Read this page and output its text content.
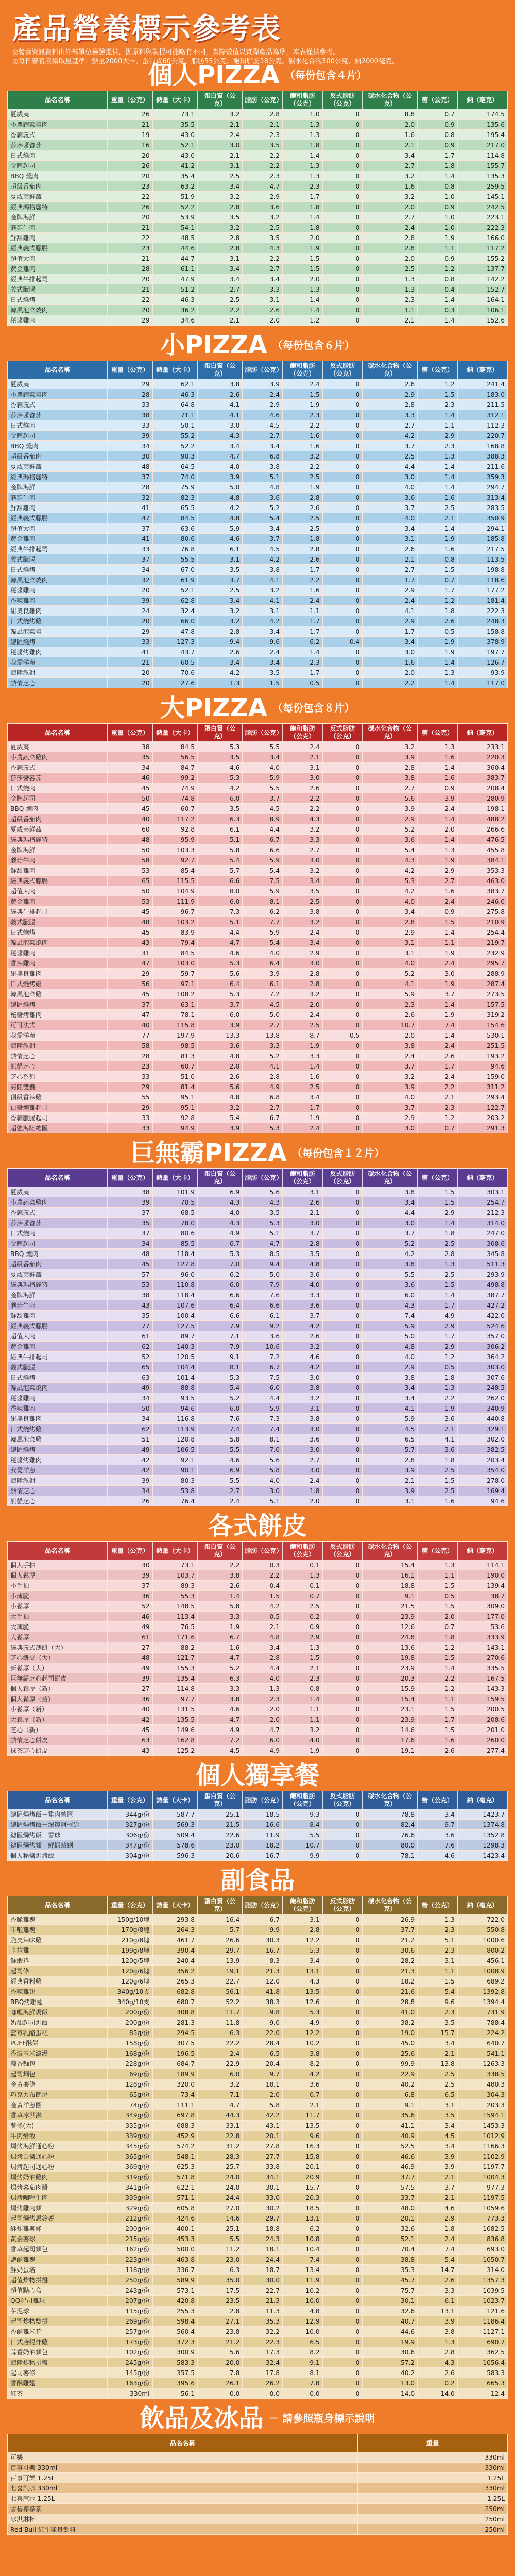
產品營養標示參考表
◎營養資訊資料由外部單位檢驗提供，因原料與製程可能略有不同，實際數值以實際產品為準，本表僅供參考。
◎每日營養素攝取量基準：熱量2000大卡、蛋白質60公克、脂肪55公克、飽和脂肪18公克、碳水化合物300公克、鈉2000毫克。
個人PIZZA （每份包含４片）
品名名稱	重量（公克）	熱量（大卡）	蛋白質（公克）	脂肪（公克）	飽和脂肪（公克）	反式脂肪（公克）	碳水化合物（公克）	糖（公克）	鈉（毫克）
夏威夷	26	73.1	3.2	2.8	1.0	0	8.8	0.7	174.5
小農蔬菜雞肉	21	35.5	2.1	2.1	1.3	0	2.0	0.9	135.6
香蒜義式	19	43.0	2.4	2.3	1.3	0	1.6	0.8	195.4
莎莎醬蕃茄	16	52.1	3.0	3.5	1.8	0	2.1	0.9	217.0
日式燒肉	20	43.0	2.1	2.2	1.4	0	3.4	1.7	114.8
金牌起司	26	41.2	3.1	2.2	1.3	0	2.7	1.8	155.7
BBQ 燻肉	20	35.4	2.5	2.3	1.3	0	3.2	1.4	135.3
超級番茄肉	23	63.2	3.4	4.7	2.3	0	1.6	0.8	259.5
夏威夷鮮蔬	22	51.9	3.2	2.9	1.7	0	3.2	1.0	145.1
經典瑪格麗特	26	52.2	2.8	3.6	1.8	0	2.0	0.9	242.5
金牌海鮮	20	53.9	3.5	3.2	1.4	0	2.7	1.0	223.1
蘑菇牛肉	21	54.1	3.2	2.5	1.8	0	2.4	1.0	222.3
鮮甜雞肉	22	48.5	2.8	3.5	2.0	0	2.8	1.9	166.0
經典義式臘腸	23	44.6	2.8	4.3	1.9	0	2.8	1.1	117.2
超值大肉	21	44.7	3.1	2.2	1.5	0	2.0	0.9	155.2
黃金雞肉	28	61.1	3.4	2.7	1.5	0	2.5	1.2	137.7
經典牛排起司	20	47.9	3.4	3.4	2.0	0	1.3	0.8	142.2
義式臘腸	21	51.2	2.7	3.3	1.3	0	1.3	0.4	152.7
日式燒烤	22	46.3	2.5	3.1	1.4	0	2.3	1.4	164.1
韓風泡菜燒肉	20	36.2	2.2	2.6	1.4	0	1.1	0.3	106.1
秘醬雞肉	29	34.6	2.1	2.0	1.2	0	2.1	1.4	152.6
小PIZZA （每份包含６片）
品名名稱	重量（公克）	熱量（大卡）	蛋白質（公克）	脂肪（公克）	飽和脂肪（公克）	反式脂肪（公克）	碳水化合物（公克）	糖（公克）	鈉（毫克）
夏威夷	29	62.1	3.8	3.9	2.4	0	2.6	1.2	241.4
小農蔬菜雞肉	28	46.3	2.6	2.4	1.5	0	2.9	1.5	183.0
香蒜義式	33	64.8	4.1	2.9	1.9	0	2.8	2.3	211.5
莎莎醬蕃茄	38	71.1	4.1	4.6	2.3	0	3.3	1.4	312.1
日式燒肉	33	50.1	3.0	4.5	2.2	0	2.7	1.1	112.3
金牌起司	39	55.2	4.3	2.7	1.6	0	4.2	2.9	220.7
BBQ 燻肉	34	52.2	3.4	3.4	1.6	0	3.7	2.3	168.8
超級番茄肉	30	90.3	4.7	6.8	3.2	0	2.5	1.3	388.3
夏威夷鮮蔬	48	64.5	4.0	3.8	2.2	0	4.4	1.4	211.6
經典瑪格麗特	37	74.0	3.9	5.1	2.5	0	3.0	1.4	359.3
金牌海鮮	28	75.9	5.0	4.8	1.9	0	4.0	1.4	294.7
蘑菇牛肉	32	82.3	4.8	3.6	2.8	0	3.6	1.6	313.4
鮮甜雞肉	41	65.5	4.2	5.2	2.6	0	3.7	2.5	283.5
經典義式臘腸	47	84.5	4.8	5.4	2.5	0	4.0	2.1	350.9
超值大肉	37	63.6	5.9	3.4	2.5	0	3.4	1.4	294.1
黃金雞肉	41	80.6	4.6	3.7	1.8	0	3.1	1.9	185.8
經典牛排起司	33	76.8	6.1	4.5	2.8	0	2.6	1.6	217.5
義式臘腸	37	55.5	3.1	4.2	2.6	0	2.1	0.8	113.5
日式燒烤	34	67.0	3.5	3.8	1.7	0	2.7	1.5	198.8
韓風泡菜燒肉	32	61.9	3.7	4.1	2.2	0	1.7	0.7	118.6
秘醬雞肉	20	52.1	2.5	3.2	1.6	0	2.9	1.7	177.2
香辣雞肉	39	62.8	3.4	4.1	2.4	0	2.4	1.2	181.4
紐奧良雞肉	24	32.4	3.2	3.1	1.1	0	4.1	1.8	222.3
日式燒烤雞	20	66.0	3.2	4.2	1.7	0	2.9	2.6	248.3
韓風泡菜雞	29	47.8	2.8	3.4	1.7	0	1.7	0.5	158.8
總匯燒烤	33	127.3	9.4	9.6	6.2	0.4	3.4	1.9	378.9
秘醬烤雞肉	41	43.7	2.6	2.4	1.4	0	3.0	1.9	197.7
我愛洋蔥	21	60.5	3.4	3.4	2.3	0	1.6	1.4	126.7
海陸派對	20	70.6	4.2	3.5	1.7	0	2.0	1.3	93.9
熱情芝心	20	27.6	1.3	1.5	0.5	0	2.2	1.4	117.0
大PIZZA （每份包含８片）
品名名稱	重量（公克）	熱量（大卡）	蛋白質（公克）	脂肪（公克）	飽和脂肪（公克）	反式脂肪（公克）	碳水化合物（公克）	糖（公克）	鈉（毫克）
夏威夷	38	84.5	5.3	5.5	2.4	0	3.2	1.3	233.1
小農蔬菜雞肉	35	56.5	3.5	3.4	2.1	0	3.9	1.6	220.3
香蒜義式	34	84.7	4.6	4.0	3.1	0	2.8	1.4	360.4
莎莎醬蕃茄	46	99.2	5.3	5.9	3.0	0	3.8	1.6	383.7
日式燒肉	45	74.9	4.2	5.5	2.6	0	2.7	0.9	208.4
金牌起司	50	74.8	6.0	3.7	2.2	0	5.6	3.9	280.9
BBQ 燻肉	45	60.7	3.5	4.5	2.2	0	3.9	2.4	198.1
超級番茄肉	40	117.2	6.3	8.9	4.3	0	2.9	1.4	488.2
夏威夷鮮蔬	60	92.8	6.1	4.4	3.2	0	5.2	2.0	266.6
經典瑪格麗特	48	95.9	5.1	6.7	3.3	0	3.6	1.4	476.5
金牌海鮮	50	103.3	5.8	6.6	2.7	0	5.4	1.3	455.8
蘑菇牛肉	58	92.7	5.4	5.9	3.0	0	4.3	1.9	384.1
鮮甜雞肉	53	85.4	5.7	5.4	3.2	0	4.2	2.9	353.3
經典義式臘腸	65	115.5	6.6	7.5	3.4	0	5.3	2.7	463.0
超值大肉	50	104.9	8.0	5.9	3.5	0	4.2	1.6	383.7
黃金雞肉	53	111.9	6.0	8.1	2.5	0	4.0	2.4	246.0
經典牛排起司	45	96.7	7.3	6.2	3.8	0	3.4	0.9	275.8
義式臘腸	48	103.2	5.1	7.7	3.2	0	2.8	1.5	210.9
日式燒烤	45	83.9	4.4	5.9	2.4	0	2.9	1.4	254.4
韓風泡菜燒肉	43	79.4	4.7	5.4	3.4	0	3.1	1.1	219.7
秘醬雞肉	31	84.5	4.6	4.0	2.9	0	3.1	1.9	232.9
香辣雞肉	47	103.0	5.3	6.4	3.0	0	4.0	2.4	295.7
紐奧良雞肉	29	59.7	5.6	3.9	2.8	0	5.2	3.0	288.9
日式燒烤雞	56	97.1	6.4	6.1	2.8	0	4.1	1.9	287.4
韓風泡菜雞	45	108.2	5.3	7.2	3.2	0	5.9	3.7	273.5
總匯燒烤	37	63.1	3.7	4.5	2.0	0	2.3	1.4	157.5
秘醬烤雞肉	47	78.1	6.0	5.0	2.4	0	2.6	1.9	319.2
可可法式	40	115.8	3.9	2.7	2.5	0	10.7	7.4	154.6
我愛洋蔥	77	197.9	13.3	13.8	8.7	0.5	2.0	1.4	530.1
海陸派對	58	98.5	3.6	3.3	1.9	0	3.8	2.4	251.5
熱情芝心	28	81.3	4.8	5.2	3.3	0	2.4	2.6	193.2
熊貓芝心	23	60.7	2.0	4.1	1.4	0	3.7	1.7	94.6
芝心系列	33	51.0	2.6	2.8	1.6	0	3.2	2.4	159.0
海陸雙饗	29	81.4	5.6	4.9	2.5	0	3.9	2.2	311.2
頂級香辣雞	55	95.1	4.8	6.8	3.4	0	4.0	2.1	293.4
白醬燻雞起司	29	95.1	3.2	2.7	1.7	0	3.7	2.3	122.7
香蒜臘腸起司	33	92.8	5.4	6.7	1.9	0	2.9	1.2	203.2
超強海陸總匯	33	94.9	3.9	5.3	2.4	0	3.0	0.7	291.3
巨無霸PIZZA （每份包含１２片）
品名名稱	重量（公克）	熱量（大卡）	蛋白質（公克）	脂肪（公克）	飽和脂肪（公克）	反式脂肪（公克）	碳水化合物（公克）	糖（公克）	鈉（毫克）
夏威夷	38	101.9	6.9	5.6	3.1	0	3.8	1.5	303.1
小農蔬菜雞肉	39	70.5	4.3	4.3	2.6	0	3.4	1.5	254.7
香蒜義式	37	68.5	4.0	3.5	2.1	0	4.4	2.9	212.3
莎莎醬蕃茄	35	78.0	4.3	5.3	3.0	0	3.0	1.4	314.0
日式燒肉	37	80.6	4.9	5.1	3.7	0	3.7	1.8	247.0
金牌起司	34	85.5	6.7	4.7	2.8	0	5.2	2.5	308.6
BBQ 燻肉	48	118.4	5.3	8.5	3.5	0	4.2	2.8	345.8
超級番茄肉	45	127.8	7.0	9.4	4.8	0	3.8	1.3	511.3
夏威夷鮮蔬	57	96.0	6.2	5.0	3.6	0	5.5	2.5	293.9
經典瑪格麗特	53	110.8	6.0	7.9	4.0	0	3.6	1.5	498.8
金牌海鮮	38	118.4	6.6	7.6	3.3	0	6.0	1.4	387.7
蘑菇牛肉	43	107.6	6.4	6.6	3.6	0	4.3	1.7	427.2
鮮甜雞肉	35	100.4	6.6	6.1	3.7	0	7.4	4.9	422.0
經典義式臘腸	77	127.5	7.9	9.2	4.2	0	5.9	2.9	524.6
超值大肉	61	89.7	7.1	3.6	2.6	0	5.0	1.7	357.0
黃金雞肉	62	140.3	7.9	10.6	3.2	0	4.8	2.9	306.2
經典牛排起司	52	120.5	9.1	7.2	4.6	0	4.0	1.2	364.2
義式臘腸	65	104.4	8.1	6.7	4.2	0	2.9	0.5	303.0
日式燒烤	63	101.4	5.3	7.5	3.0	0	3.8	1.8	307.6
韓風泡菜燒肉	49	88.8	5.4	6.0	3.8	0	3.4	1.3	248.5
秘醬雞肉	34	93.5	5.2	4.4	3.2	0	3.4	2.2	262.0
香辣雞肉	50	94.6	6.0	5.9	3.1	0	4.1	1.9	340.9
紐奧良雞肉	34	116.8	7.6	7.3	3.8	0	5.9	3.6	440.8
日式燒烤雞	62	113.9	7.4	7.4	3.0	0	4.5	2.1	329.1
韓風泡菜雞	51	120.8	5.8	8.1	3.6	0	6.5	4.1	302.0
總匯燒烤	49	106.5	5.5	7.0	3.0	0	5.7	3.6	382.5
秘醬烤雞肉	42	92.1	4.6	5.6	2.7	0	2.8	1.8	203.4
我愛洋蔥	42	90.1	6.9	5.8	3.0	0	3.9	2.5	354.0
海陸派對	39	80.3	5.5	4.0	2.4	0	2.1	1.5	278.0
熱情芝心	34	53.8	2.7	3.0	1.8	0	3.9	2.5	169.4
熊貓芝心	26	76.4	2.4	5.1	2.0	0	3.1	1.6	94.6
各式餅皮
品名名稱	重量（公克）	熱量（大卡）	蛋白質（公克）	脂肪（公克）	飽和脂肪（公克）	反式脂肪（公克）	碳水化合物（公克）	糖（公克）	鈉（毫克）
個人手拍	30	73.1	2.2	0.3	0.1	0	15.4	1.3	114.1
個人鬆厚	39	103.7	3.8	2.2	1.3	0	16.1	1.1	190.0
小手拍	37	89.3	2.6	0.4	0.1	0	18.8	1.5	139.4
小薄脆	36	55.3	1.4	1.5	0.7	0	9.1	0.5	38.7
小鬆厚	52	148.5	5.8	4.2	2.5	0	21.5	1.5	309.0
大手拍	46	113.4	3.3	0.5	0.2	0	23.9	2.0	177.0
大薄脆	49	76.5	1.9	2.1	0.9	0	12.6	0.7	53.6
大鬆厚	61	171.6	6.7	4.8	2.9	0	24.8	1.8	333.9
經典義式薄餅（大）	27	88.2	1.6	3.4	1.3	0	13.6	1.2	143.1
芝心餅皮（大）	48	121.7	4.7	2.8	1.5	0	19.8	1.5	270.6
新鬆厚（大）	49	155.3	5.2	4.4	2.1	0	23.9	1.4	335.5
巨無霸芝心起司餅皮	39	135.4	6.3	4.0	2.3	0	20.3	2.2	167.5
個人鬆厚（新）	27	114.8	3.3	1.3	0.8	0	15.9	1.2	143.3
個人鬆厚（舊）	36	97.7	3.8	2.3	1.4	0	15.4	1.1	159.5
小鬆厚（新）	40	131.5	4.6	2.0	1.1	0	23.1	1.5	200.5
大鬆厚（新）	42	135.5	4.7	2.0	1.1	0	23.9	1.7	208.6
芝心（新）	45	149.6	4.9	4.7	3.2	0	14.6	1.5	201.0
熱情芝心餅皮	63	162.8	7.2	6.0	4.0	0	17.6	1.6	260.0
抹茶芝心餅皮	43	125.2	4.5	4.9	1.9	0	19.1	2.6	277.4
個人獨享餐
品名名稱	重量（公克）	熱量（大卡）	蛋白質（公克）	脂肪（公克）	飽和脂肪（公克）	反式脂肪（公克）	碳水化合物（公克）	糖（公克）	鈉（毫克）
總匯焗烤飯－雞肉總匯	344g/份	587.7	25.1	18.5	9.3	0	78.8	3.4	1423.7
總匯焗烤飯－深邃阿根廷	327g/份	569.3	21.5	16.6	8.4	0	82.4	9.7	1374.8
總匯焗烤飯－雪球	306g/份	509.4	22.6	11.9	5.5	0	76.6	3.6	1352.8
總匯焗烤麵－鮮蝦蛤蜊	347g/份	578.6	23.0	18.2	10.7	0	80.0	7.6	1298.3
個人秘醬焗烤飯	304g/份	596.3	20.6	16.7	9.9	0	78.1	4.6	1423.4
副食品
品名名稱	重量（公克）	熱量（大卡）	蛋白質（公克）	脂肪（公克）	飽和脂肪（公克）	反式脂肪（公克）	碳水化合物（公克）	糖（公克）	鈉（毫克）
香脆雞塊	150g/10塊	293.8	16.4	6.7	3.1	0	26.9	1.3	722.0
咔啦雞塊	170g/8塊	264.3	5.7	9.9	2.8	0	37.7	2.3	550.8
脆皮辣味雞	210g/8塊	461.7	26.6	30.3	12.2	0	21.2	5.1	1000.6
卡拉雞	199g/8塊	390.4	29.7	16.7	5.3	0	30.6	2.3	800.2
鮮蝦捲	120g/5塊	240.4	13.9	8.3	3.4	0	28.2	3.1	456.1
起司條	120g/6塊	356.2	19.1	21.3	13.1	0	21.3	1.1	1008.9
經典香料雞	120g/6塊	265.3	22.7	12.0	4.3	0	18.2	1.5	689.2
香辣雞翅	340g/10支	682.8	56.1	41.8	13.5	0	21.6	5.4	1392.8
BBQ烤雞翅	340g/10支	680.7	52.2	38.3	12.6	0	28.8	9.6	1394.4
咖哩海鮮焗飯	200g/份	308.8	11.7	9.8	5.3	0	41.0	2.3	731.9
奶油起司焗飯	200g/份	281.3	11.8	9.0	4.9	0	38.2	3.5	788.4
藍莓乳酪蛋糕	85g/份	294.5	6.3	22.0	12.2	0	19.0	15.7	224.2
PUFF酥餅	158g/份	307.5	22.2	28.4	10.2	0	45.0	3.4	640.7
香濃玉米濃湯	168g/份	196.5	2.4	6.5	3.8	0	25.6	2.1	541.1
蒜香麵包	228g/份	684.7	22.9	20.4	8.2	0	99.9	13.8	1263.3
起司麵包	69g/份	189.9	6.0	9.7	4.2	0	22.9	2.5	338.5
金黃薯條	128g/份	320.0	3.2	18.1	3.6	0	40.2	2.5	480.3
巧克力布朗尼	65g/份	73.4	7.1	2.0	0.7	0	6.8	6.5	304.3
金黃洋蔥圈	74g/份	111.1	4.7	5.8	2.1	0	9.1	3.1	203.3
香草冰淇淋	349g/份	697.8	44.3	42.2	11.7	0	35.6	3.5	1594.1
薯條(大)	335g/份	688.3	33.1	43.1	13.5	0	41.1	3.4	1453.3
牛肉燴飯	339g/份	452.9	22.8	20.1	9.6	0	40.9	4.5	1012.9
焗烤海鮮通心粉	345g/份	574.2	31.2	27.8	16.3	0	52.5	3.4	1166.3
焗烤白醬通心粉	365g/份	548.1	28.3	27.7	15.8	0	46.6	3.9	1102.9
焗烤起司通心粉	369g/份	625.3	25.7	33.8	20.1	0	46.9	3.9	1197.7
焗烤奶油雞肉	319g/份	571.8	24.0	34.1	20.9	0	37.7	2.1	1004.3
焗烤蕃茄肉醬	341g/份	622.1	24.0	30.1	15.7	0	57.5	3.7	977.3
焗烤咖哩牛肉	339g/份	571.1	24.4	33.0	20.3	0	33.7	2.1	1197.5
焗烤雞肉麵	329g/份	605.8	27.0	30.2	18.5	0	48.0	4.6	1059.6
起司焗烤馬鈴薯	212g/份	424.6	14.6	29.7	13.1	0	20.1	2.9	773.3
酥炸雞柳條	200g/份	400.1	25.1	18.8	6.2	0	32.6	1.8	1082.5
黃金薯球	215g/份	453.3	5.5	24.3	10.8	0	52.1	2.4	836.8
香草起司麵包	162g/份	500.0	11.2	18.1	10.4	0	70.4	7.4	693.0
鹽酥雞塊	223g/份	463.8	23.0	24.4	7.4	0	38.8	5.4	1050.7
鮮奶蛋塔	118g/份	336.7	6.3	18.7	13.4	0	35.3	14.7	314.0
超值炸物拼盤	250g/份	589.9	35.0	30.0	11.9	0	45.7	2.6	1357.3
超值點心盒	243g/份	573.1	17.5	22.7	10.2	0	75.7	3.3	1039.5
QQ起司雞球	207g/份	420.8	23.5	21.3	10.0	0	30.1	6.1	1023.7
芋泥球	115g/份	255.3	2.8	11.3	4.8	0	32.6	13.1	121.6
起司炸物雙拼	269g/份	598.4	27.1	35.3	12.9	0	40.7	3.9	1186.4
香酥雞米花	257g/份	560.4	23.8	32.2	10.0	0	44.6	3.8	1127.1
日式唐揚炸雞	173g/份	372.3	21.2	22.3	6.5	0	19.9	1.3	690.7
蒜香奶油麵包	102g/份	300.9	5.6	17.3	8.2	0	30.6	2.8	362.5
海陸炸物拼盤	245g/份	583.3	20.0	32.4	9.1	0	57.2	4.3	1056.4
起司薯條	145g/份	357.5	7.8	17.8	8.1	0	40.2	2.6	583.3
香酥雞翅	163g/份	395.6	26.1	26.2	7.8	0	13.0	0.2	665.3
紅茶	330ml	56.1	0.0	0.0	0.0	0	14.0	14.0	12.4
飲品及冰品 － 請參照瓶身標示說明
品名名稱	重量
可樂	330ml
百事可樂 330ml	330ml
百事可樂 1.25L	1.25L
七喜汽水 330ml	330ml
七喜汽水 1.25L	1.25L
雪碧檸檬茶	250ml
冰淇淋杯	250ml
Red Bull 紅牛能量飲料	250ml
